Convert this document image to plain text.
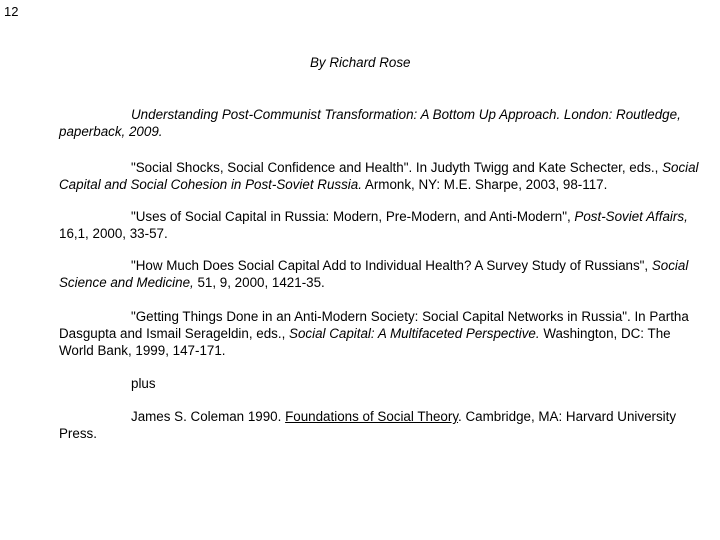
12
By Richard Rose

Understanding Post-Communist Transformation: A Bottom Up Approach. London: Routledge, paperback, 2009.

"Social Shocks, Social Confidence and Health". In Judyth Twigg and Kate Schecter, eds., Social Capital and Social Cohesion in Post-Soviet Russia. Armonk, NY: M.E. Sharpe, 2003, 98-117.

"Uses of Social Capital in Russia: Modern, Pre-Modern, and Anti-Modern", Post-Soviet Affairs, 16,1, 2000, 33-57.

"How Much Does Social Capital Add to Individual Health? A Survey Study of Russians", Social Science and Medicine, 51, 9, 2000, 1421-35.

"Getting Things Done in an Anti-Modern Society: Social Capital Networks in Russia". In Partha Dasgupta and Ismail Serageldin, eds., Social Capital: A Multifaceted Perspective. Washington, DC: The World Bank, 1999, 147-171.

plus

James S. Coleman 1990. Foundations of Social Theory. Cambridge, MA: Harvard University Press.
